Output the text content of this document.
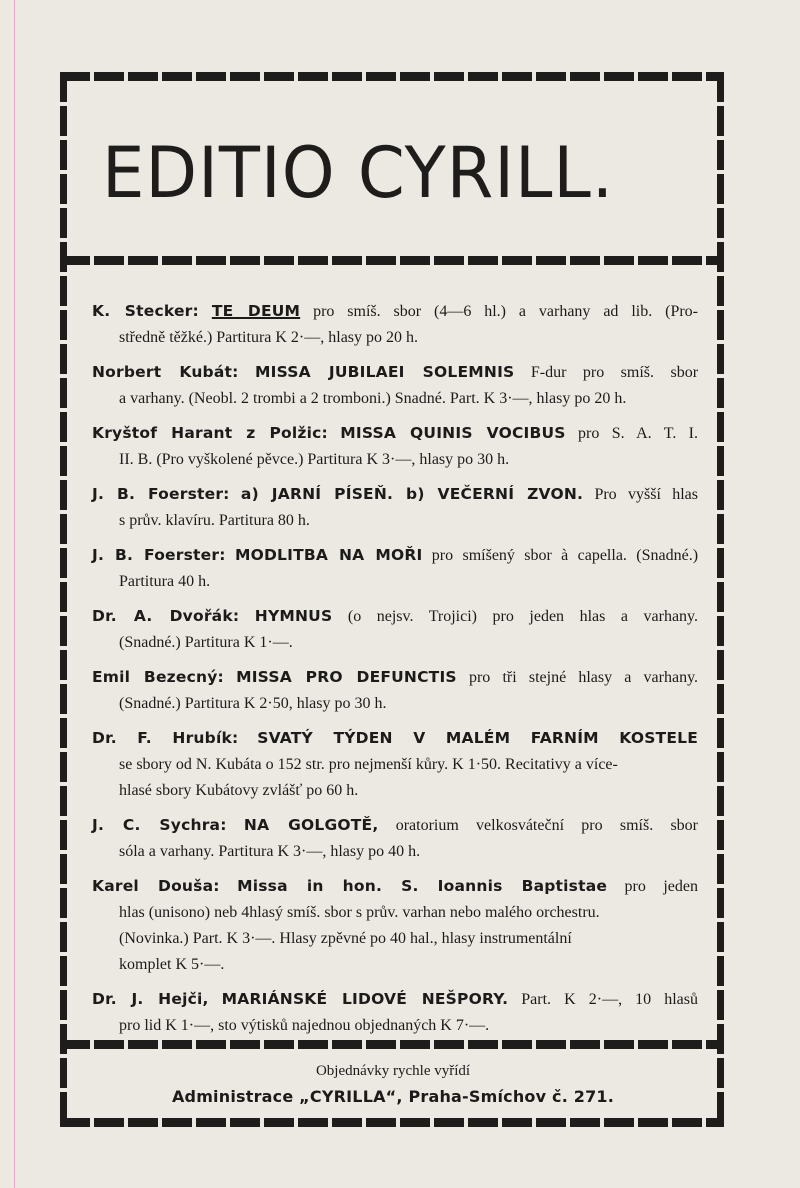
EDITIO CYRILL.
K. Stecker: TE DEUM pro smíš. sbor (4—6 hl.) a varhany ad lib. (Pro-
středně těžké.) Partitura K 2·—, hlasy po 20 h.
Norbert Kubát: MISSA JUBILAEI SOLEMNIS F-dur pro smíš. sbor
a varhany. (Neobl. 2 trombi a 2 tromboni.) Snadné. Part. K 3·—, hlasy po 20 h.
Kryštof Harant z Polžic: MISSA QUINIS VOCIBUS pro S. A. T. I.
II. B. (Pro vyškolené pěvce.) Partitura K 3·—, hlasy po 30 h.
J. B. Foerster: a) JARNÍ PÍSEŇ. b) VEČERNÍ ZVON. Pro vyšší hlas
s prův. klavíru. Partitura 80 h.
J. B. Foerster: MODLITBA NA MOŘI pro smíšený sbor à capella. (Snadné.)
Partitura 40 h.
Dr. A. Dvořák: HYMNUS (o nejsv. Trojici) pro jeden hlas a varhany.
(Snadné.) Partitura K 1·—.
Emil Bezecný: MISSA PRO DEFUNCTIS pro tři stejné hlasy a varhany.
(Snadné.) Partitura K 2·50, hlasy po 30 h.
Dr. F. Hrubík: SVATÝ TÝDEN V MALÉM FARNÍM KOSTELE
se sbory od N. Kubáta o 152 str. pro nejmenší kůry. K 1·50. Recitativy a více-
hlasé sbory Kubátovy zvlášť po 60 h.
J. C. Sychra: NA GOLGOTĚ, oratorium velkosváteční pro smíš. sbor
sóla a varhany. Partitura K 3·—, hlasy po 40 h.
Karel Douša: Missa in hon. S. Ioannis Baptistae pro jeden
hlas (unisono) neb 4hlasý smíš. sbor s prův. varhan nebo malého orchestru.
(Novinka.) Part. K 3·—. Hlasy zpěvné po 40 hal., hlasy instrumentální
komplet K 5·—.
Dr. J. Hejči, MARIÁNSKÉ LIDOVÉ NEŠPORY. Part. K 2·—, 10 hlasů
pro lid K 1·—, sto výtisků najednou objednaných K 7·—.
Objednávky rychle vyřídí
Administrace „CYRILLA“, Praha-Smíchov č. 271.
